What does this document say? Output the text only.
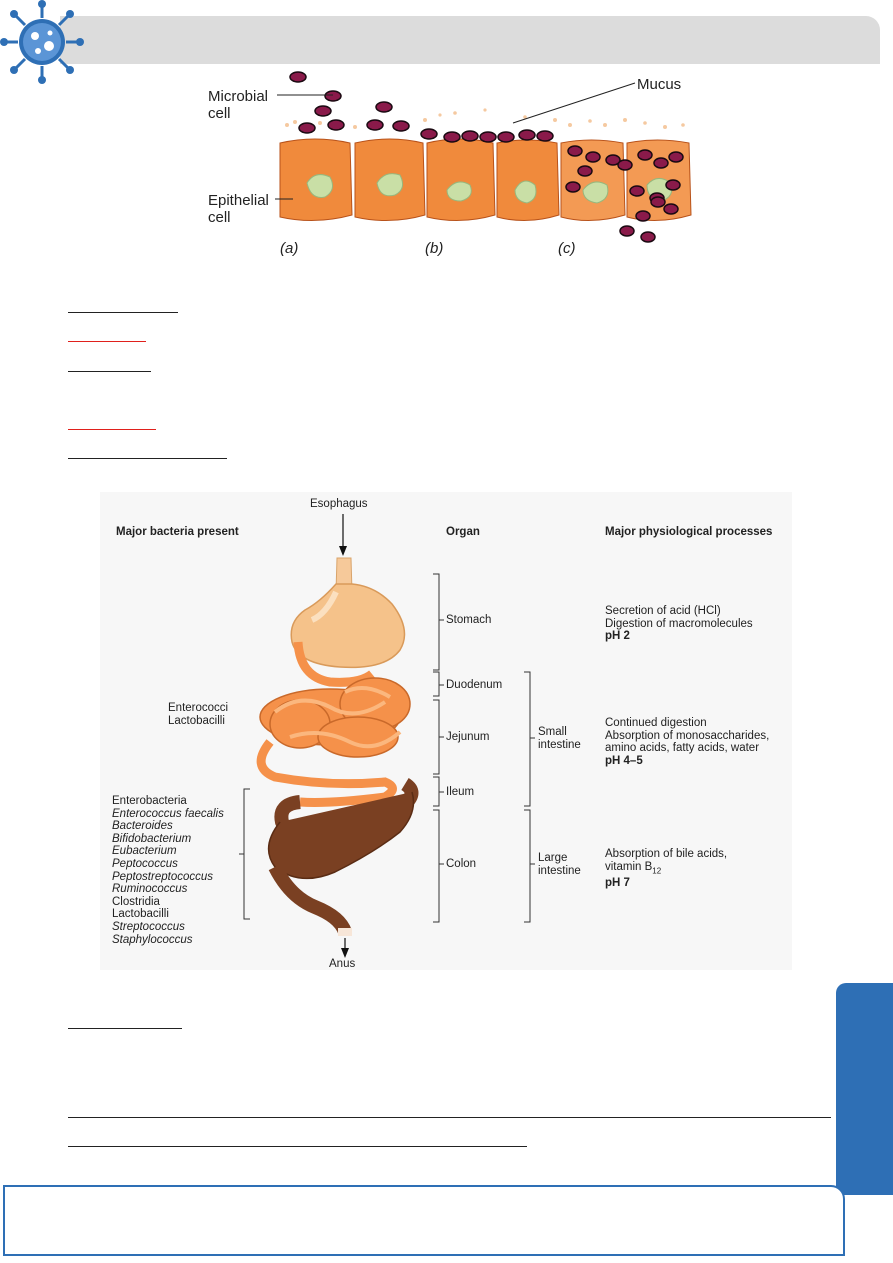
Microbial
cell
Epithelial
cell
Mucus
(a)	(b)	(c)
Esophagus
Anus
Major bacteria present	Organ	Major physiological processes
Stomach
Duodenum
Jejunum
Ileum
Colon
Small
intestine
Large
intestine
Enterococci
Lactobacilli
Enterobacteria
Enterococcus faecalis
Bacteroides
Bifidobacterium
Eubacterium
Peptococcus
Peptostreptococcus
Ruminococcus
Clostridia
Lactobacilli
Streptococcus
Staphylococcus
Secretion of acid (HCl)
Digestion of macromolecules
pH 2
Continued digestion
Absorption of monosaccharides,
amino acids, fatty acids, water
pH 4–5
Absorption of bile acids,
vitamin $B_{12}$
pH 7
